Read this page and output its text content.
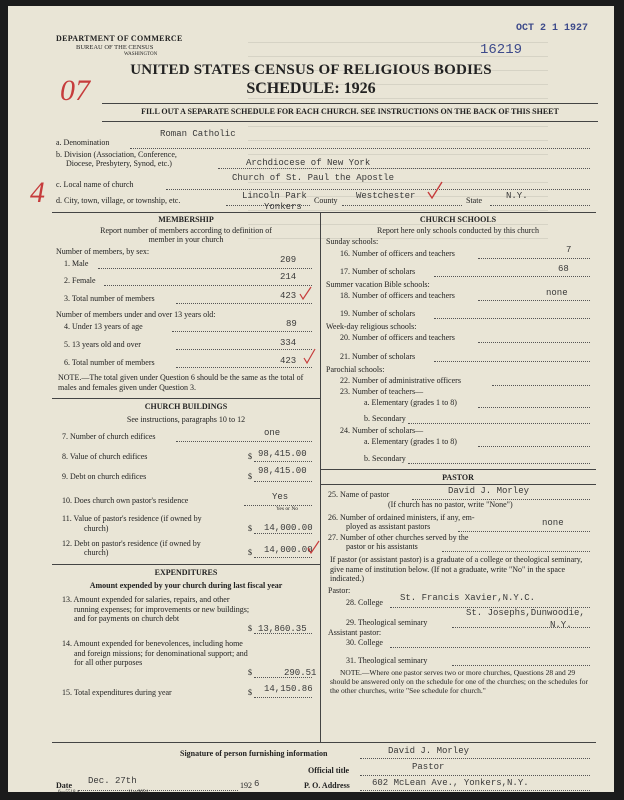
DEPARTMENT OF COMMERCE
BUREAU OF THE CENSUS
WASHINGTON
OCT 2 1 1927
16219
UNITED STATES CENSUS OF RELIGIOUS BODIES
SCHEDULE: 1926
FILL OUT A SEPARATE SCHEDULE FOR EACH CHURCH. SEE INSTRUCTIONS ON THE BACK OF THIS SHEET
07
4
a. Denomination
Roman Catholic
b. Division (Association, Conference,
Diocese, Presbytery, Synod, etc.)	Archdiocese of New York
c. Local name of church
Church of St. Paul the Apostle
d. City, town, village, or township, etc.	Lincoln Park
Yonkers
County Westchester	State	N.Y.
MEMBERSHIP
Report number of members according to definition of
member in your church
Number of members, by sex:
1. Male	209
2. Female	214
3. Total number of members	423
Number of members under and over 13 years old:
4. Under 13 years of age	89
5. 13 years old and over	334
6. Total number of members	423
NOTE.—The total given under Question 6 should be the same as the total of males and females given under Question 3.
CHURCH BUILDINGS
See instructions, paragraphs 10 to 12
7. Number of church edifices	one
8. Value of church edifices	$ 98,415.00
9. Debt on church edifices	$
98,415.00
10. Does church own pastor's residence	Yes
Yes or No
11. Value of pastor's residence (if owned by
church)	$ 14,000.00
12. Debt on pastor's residence (if owned by
church)	$ 14,000.00
EXPENDITURES
Amount expended by your church during last fiscal year
13. Amount expended for salaries, repairs, and other running expenses; for improvements or new buildings; and for payments on church debt
$ 13,860.35
14. Amount expended for benevolences, including home and foreign missions; for denominational support; and for all other purposes
$	290.51
15. Total expenditures during year	$ 14,150.86
CHURCH SCHOOLS
Report here only schools conducted by this church
Sunday schools:
16. Number of officers and teachers	7
17. Number of scholars	68
Summer vacation Bible schools:
18. Number of officers and teachers	none
19. Number of scholars
Week-day religious schools:
20. Number of officers and teachers
21. Number of scholars
Parochial schools:
22. Number of administrative officers
23. Number of teachers—
a. Elementary (grades 1 to 8)
b. Secondary
24. Number of scholars—
a. Elementary (grades 1 to 8)
b. Secondary
PASTOR
25. Name of pastor	David J. Morley
(If church has no pastor, write "None")
26. Number of ordained ministers, if any, em-
ployed as assistant pastors	none
27. Number of other churches served by the
pastor or his assistants
If pastor (or assistant pastor) is a graduate of a college or theological seminary, give name of institution below. (If not a graduate, write "No" in the space indicated.)
Pastor:
28. College St. Francis Xavier,N.Y.C.
29. Theological seminary
St. Josephs,Dunwoodie,
N.Y.
Assistant pastor:
30. College
31. Theological seminary
NOTE.—Where one pastor serves two or more churches, Questions 28 and 29 should be answered only on the schedule for one of the churches; on the schedules for the other churches, write "See schedule for church."
Signature of person furnishing information	David J. Morley
Official title	Pastor
Date Dec. 27th	192 6	P. O. Address 602 McLean Ave., Yonkers,N.Y.
6—5518 a	11—9054
